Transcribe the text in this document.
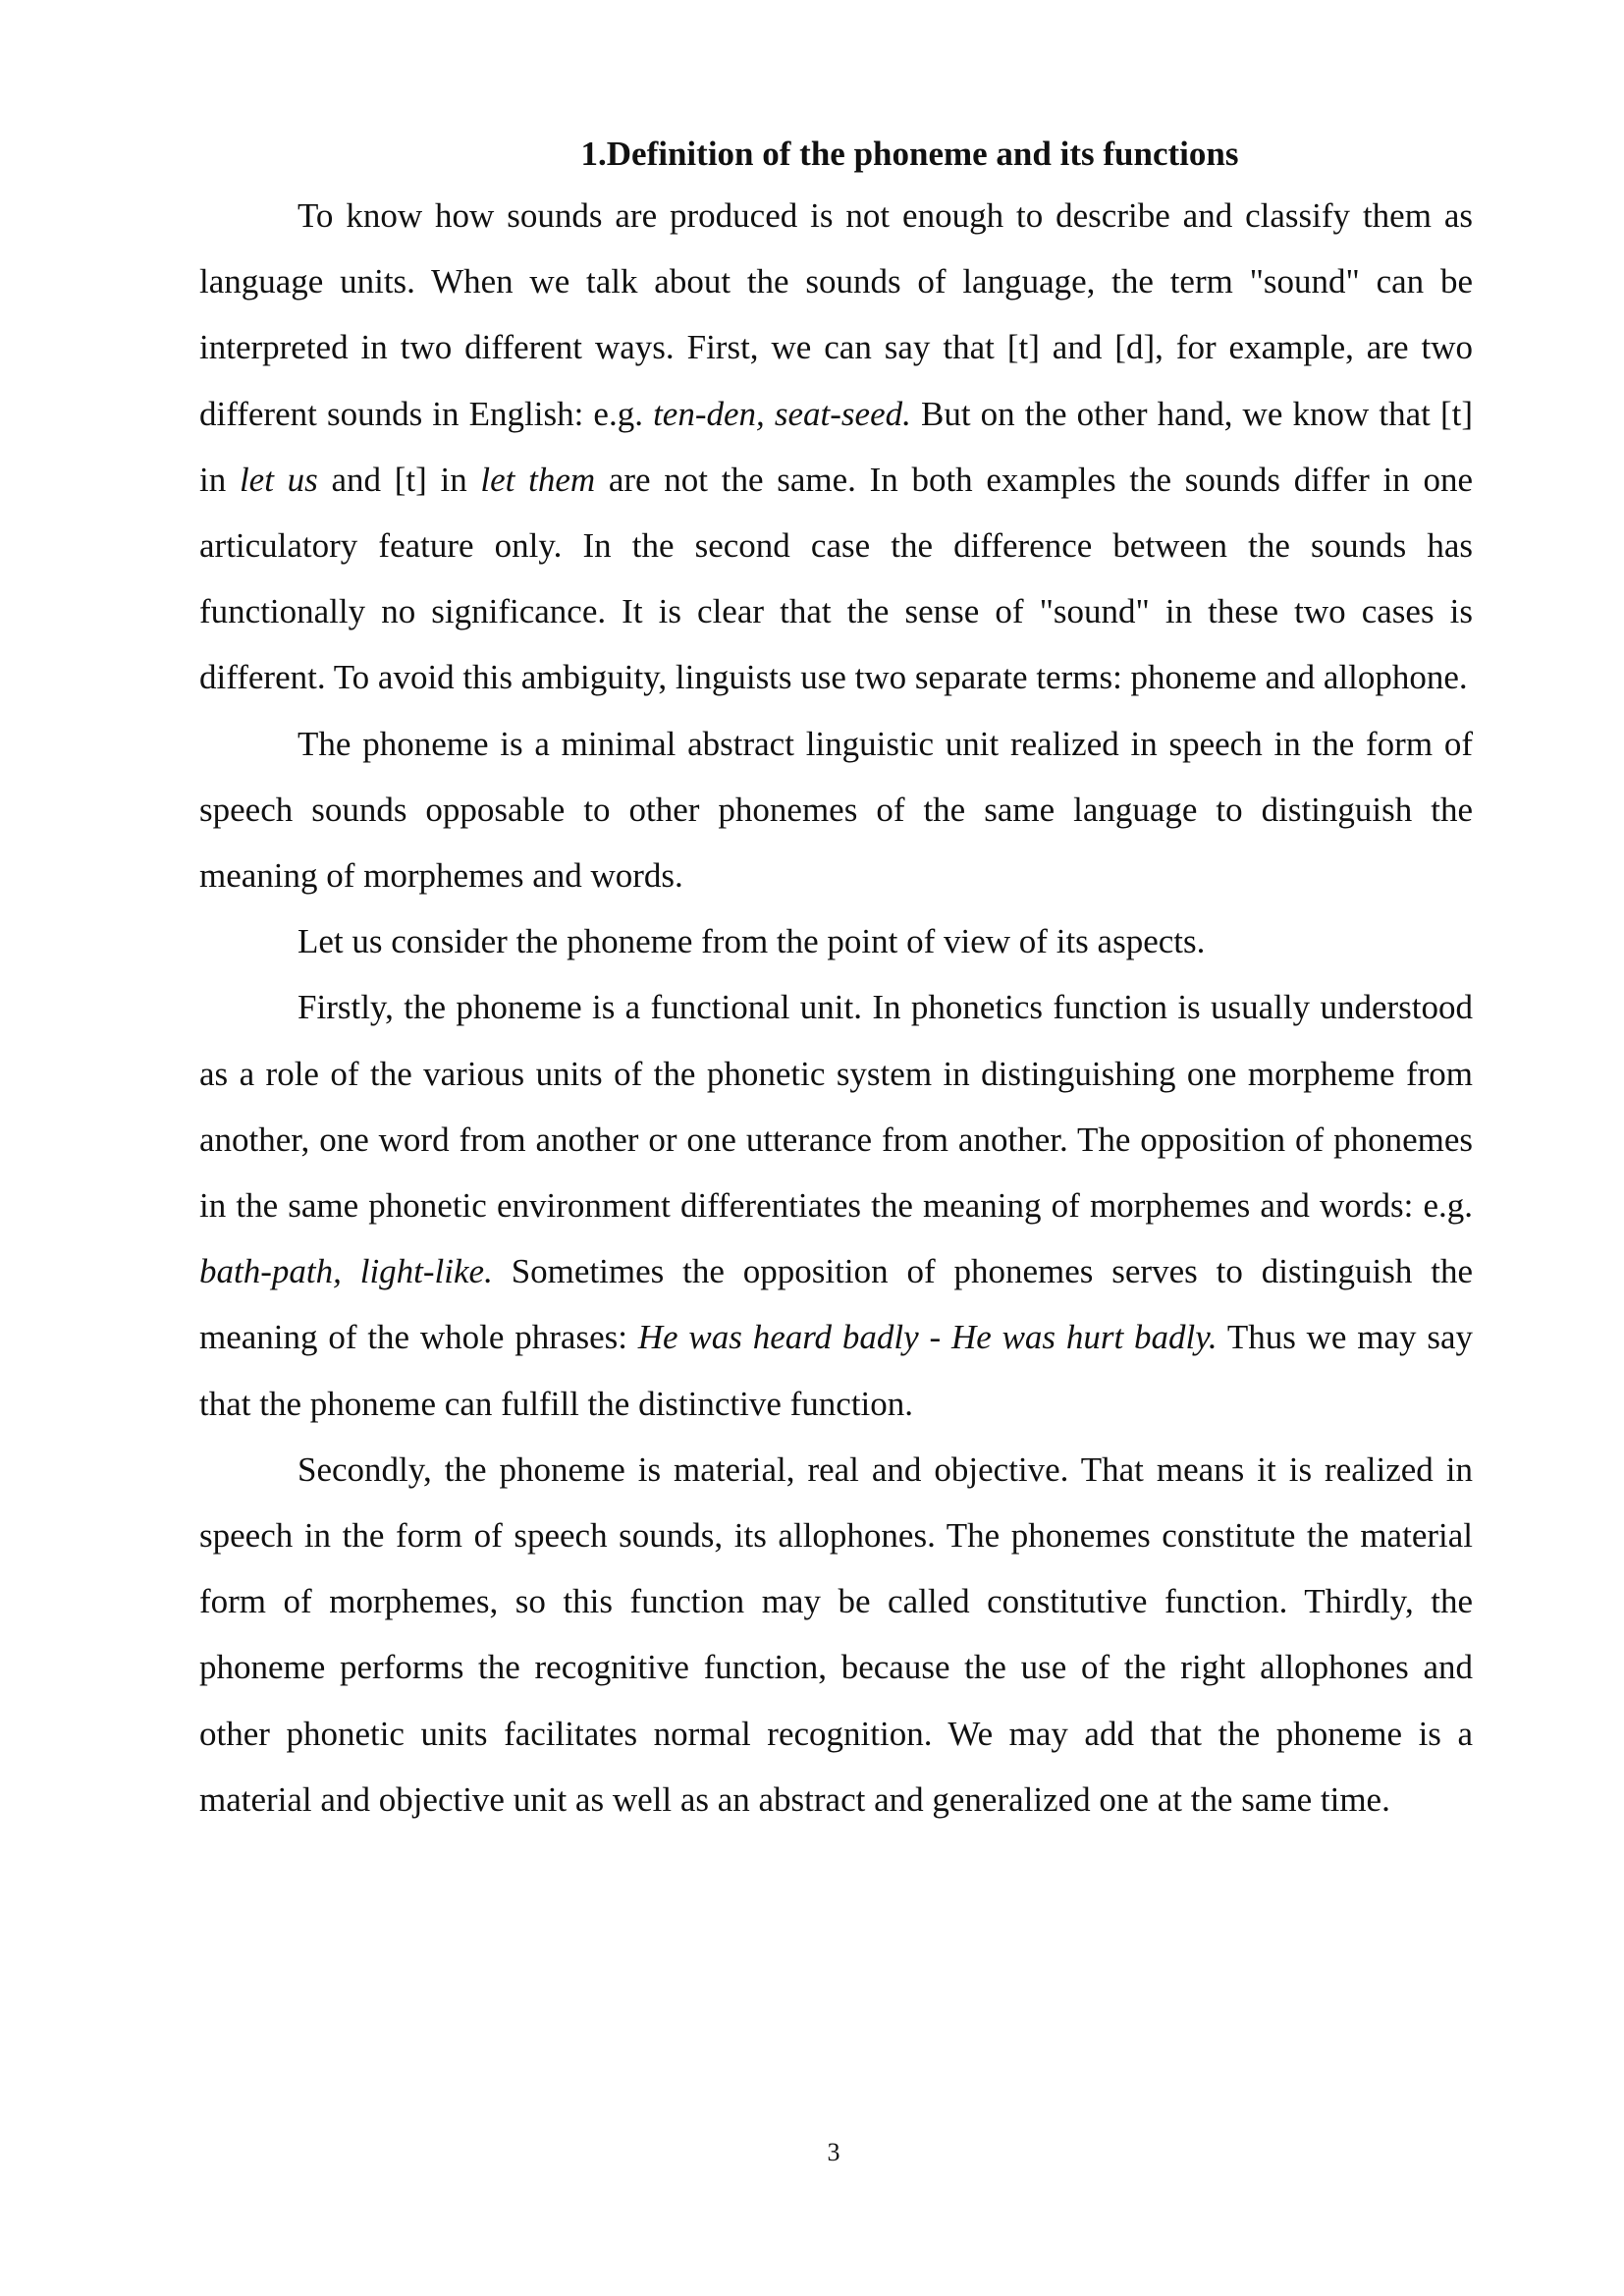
1.Definition of the phoneme and its functions

To know how sounds are produced is not enough to describe and classify them as language units. When we talk about the sounds of language, the term "sound" can be interpreted in two different ways. First, we can say that [t] and [d], for example, are two different sounds in English: e.g. ten-den, seat-seed. But on the other hand, we know that [t] in let us and [t] in let them are not the same. In both examples the sounds differ in one articulatory feature only. In the second case the difference between the sounds has functionally no significance. It is clear that the sense of "sound" in these two cases is different. To avoid this ambiguity, linguists use two separate terms: phoneme and allophone.

The phoneme is a minimal abstract linguistic unit realized in speech in the form of speech sounds opposable to other phonemes of the same language to distinguish the meaning of morphemes and words.

Let us consider the phoneme from the point of view of its aspects.

Firstly, the phoneme is a functional unit. In phonetics function is usually understood as a role of the various units of the phonetic system in distinguishing one morpheme from another, one word from another or one utterance from another. The opposition of phonemes in the same phonetic environment differentiates the meaning of morphemes and words: e.g. bath-path, light-like. Sometimes the opposition of phonemes serves to distinguish the meaning of the whole phrases: He was heard badly - He was hurt badly. Thus we may say that the phoneme can fulfill the distinctive function.

Secondly, the phoneme is material, real and objective. That means it is realized in speech in the form of speech sounds, its allophones. The phonemes constitute the material form of morphemes, so this function may be called constitutive function. Thirdly, the phoneme performs the recognitive function, because the use of the right allophones and other phonetic units facilitates normal recognition. We may add that the phoneme is a material and objective unit as well as an abstract and generalized one at the same time.

3
